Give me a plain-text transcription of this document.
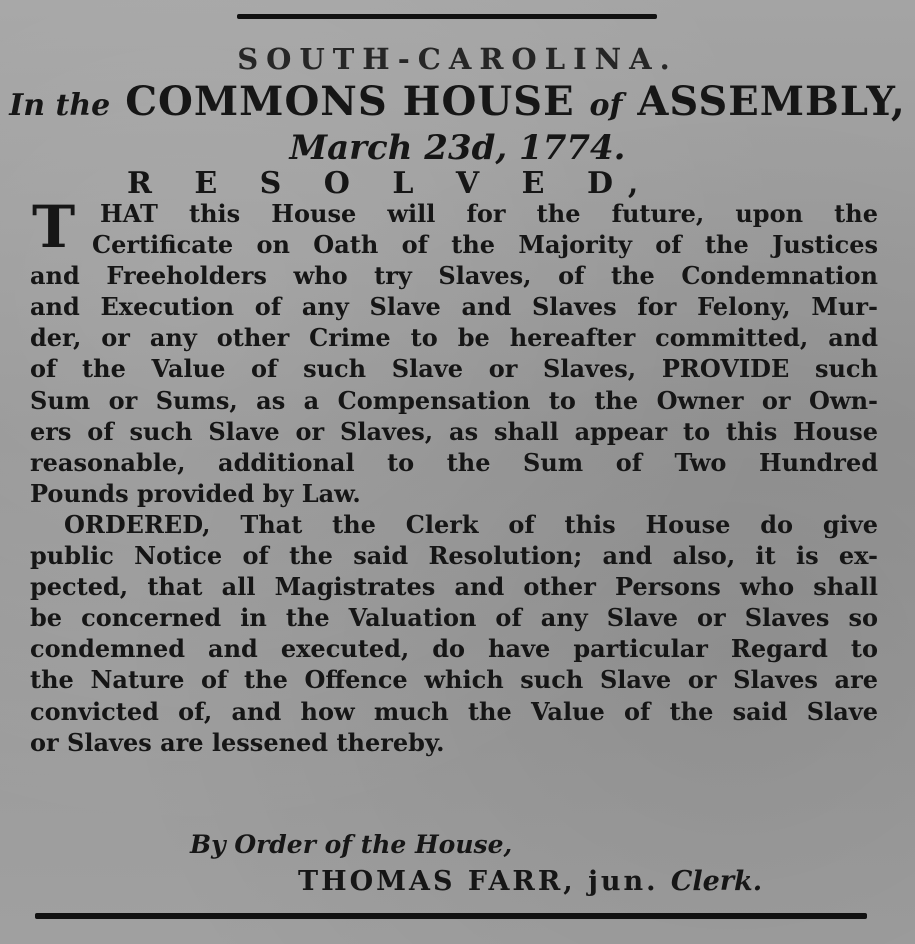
SOUTH-CAROLINA.
In the COMMONS HOUSE of ASSEMBLY,
March 23d, 1774.
R E S O L V E D,
T	HAT this House will for the future, upon the
Certificate on Oath of the Majority of the Justices
and Freeholders who try Slaves, of the Condemnation
and Execution of any Slave and Slaves for Felony, Mur-
der, or any other Crime to be hereafter committed, and
of the Value of such Slave or Slaves, PROVIDE such
Sum or Sums, as a Compensation to the Owner or Own-
ers of such Slave or Slaves, as shall appear to this House
reasonable, additional to the Sum of Two Hundred
Pounds provided by Law.
ORDERED, That the Clerk of this House do give
public Notice of the said Resolution; and also, it is ex-
pected, that all Magistrates and other Persons who shall
be concerned in the Valuation of any Slave or Slaves so
condemned and executed, do have particular Regard to
the Nature of the Offence which such Slave or Slaves are
convicted of, and how much the Value of the said Slave
or Slaves are lessened thereby.
By Order of the House,
THOMAS FARR, jun. Clerk.
